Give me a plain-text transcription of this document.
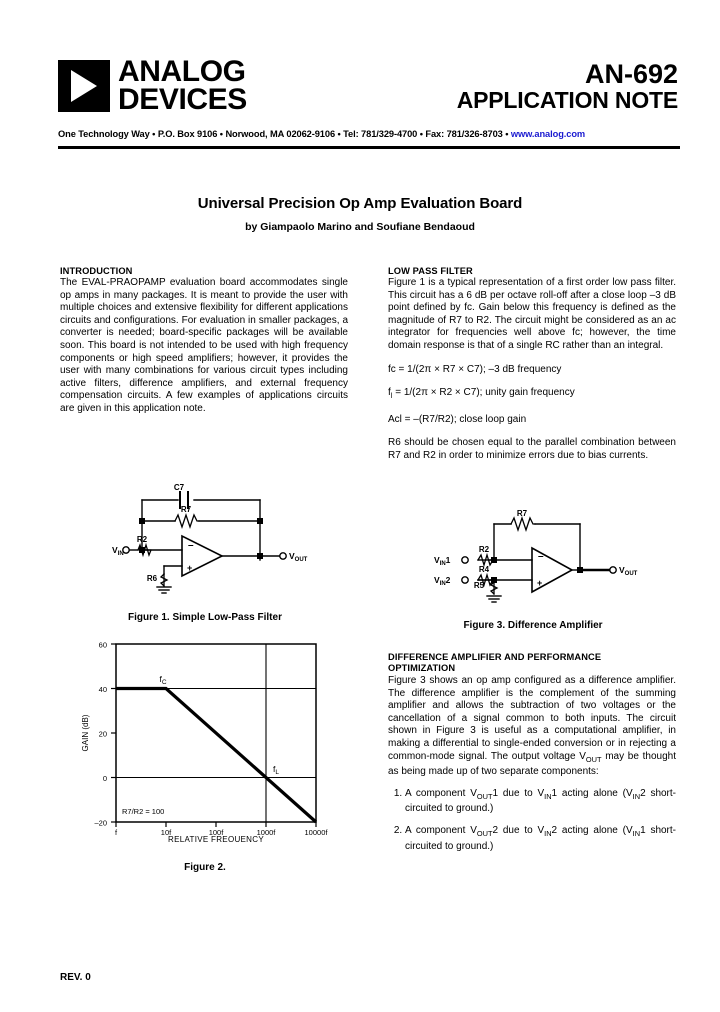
ANALOG
DEVICES
AN-692
APPLICATION NOTE
One Technology Way • P.O. Box 9106 • Norwood, MA 02062-9106 • Tel: 781/329-4700 • Fax: 781/326-8703 • www.analog.com
Universal Precision Op Amp Evaluation Board
by Giampaolo Marino and Soufiane Bendaoud
INTRODUCTION

The EVAL-PRAOPAMP evaluation board accommodates single op amps in many packages. It is meant to provide the user with multiple choices and extensive flexibility for different applications circuits and configurations. For evaluation in smaller packages, a converter is needed; board-specific packages will be available soon. This board is not intended to be used with high frequency components or high speed amplifiers; however, it provides the user with many combinations for various circuit types including active filters, difference amplifiers, and external frequency compensation circuits. A few examples of applications circuits are given in this application note.

LOW PASS FILTER

Figure 1 is a typical representation of a first order low pass filter. This circuit has a 6 dB per octave roll-off after a close loop –3 dB point defined by fc. Gain below this frequency is defined as the magnitude of R7 to R2. The circuit might be considered as an ac integrator for frequencies well above fc; however, the time domain response is that of a single RC rather than an integral.

fc = 1/(2π × R7 × C7); –3 dB frequency

$f_l = 1/(2\pi \times R2 \times C7)$; unity gain frequency

Acl = –(R7/R2); close loop gain

R6 should be chosen equal to the parallel combination between R7 and R2 in order to minimize errors due to bias currents.

DIFFERENCE AMPLIFIER AND PERFORMANCE
OPTIMIZATION

Figure 3 shows an op amp configured as a difference amplifier. The difference amplifier is the complement of the summing amplifier and allows the subtraction of two voltages or the cancellation of a signal common to both inputs. The circuit shown in Figure 3 is useful as a computational amplifier, in making a differential to single-ended conversion or in rejecting a common-mode signal. The output voltage $V_{OUT}$ may be thought as being made up of two separate components:

1. A component $V_{OUT}1$ due to $V_{IN}1$ acting alone ($V_{IN}2$ short-circuited to ground.)
2. A component $V_{OUT}2$ due to $V_{IN}2$ acting alone ($V_{IN}1$ short-circuited to ground.)
C7
R7
R2
R6
$V_{IN}$	$V_{OUT}$
–
+
Figure 1. Simple Low-Pass Filter
60
40
20
0
–20
f	10f	100f	1000f	10000f
RELATIVE FREQUENCY
GAIN (dB)
$f_C$
$f_L$
R7/R2 = 100
Figure 2.
R7
R2
R4
R5
$V_{IN}1$
$V_{IN}2$
$V_{OUT}$
–
+
Figure 3. Difference Amplifier
REV. 0
